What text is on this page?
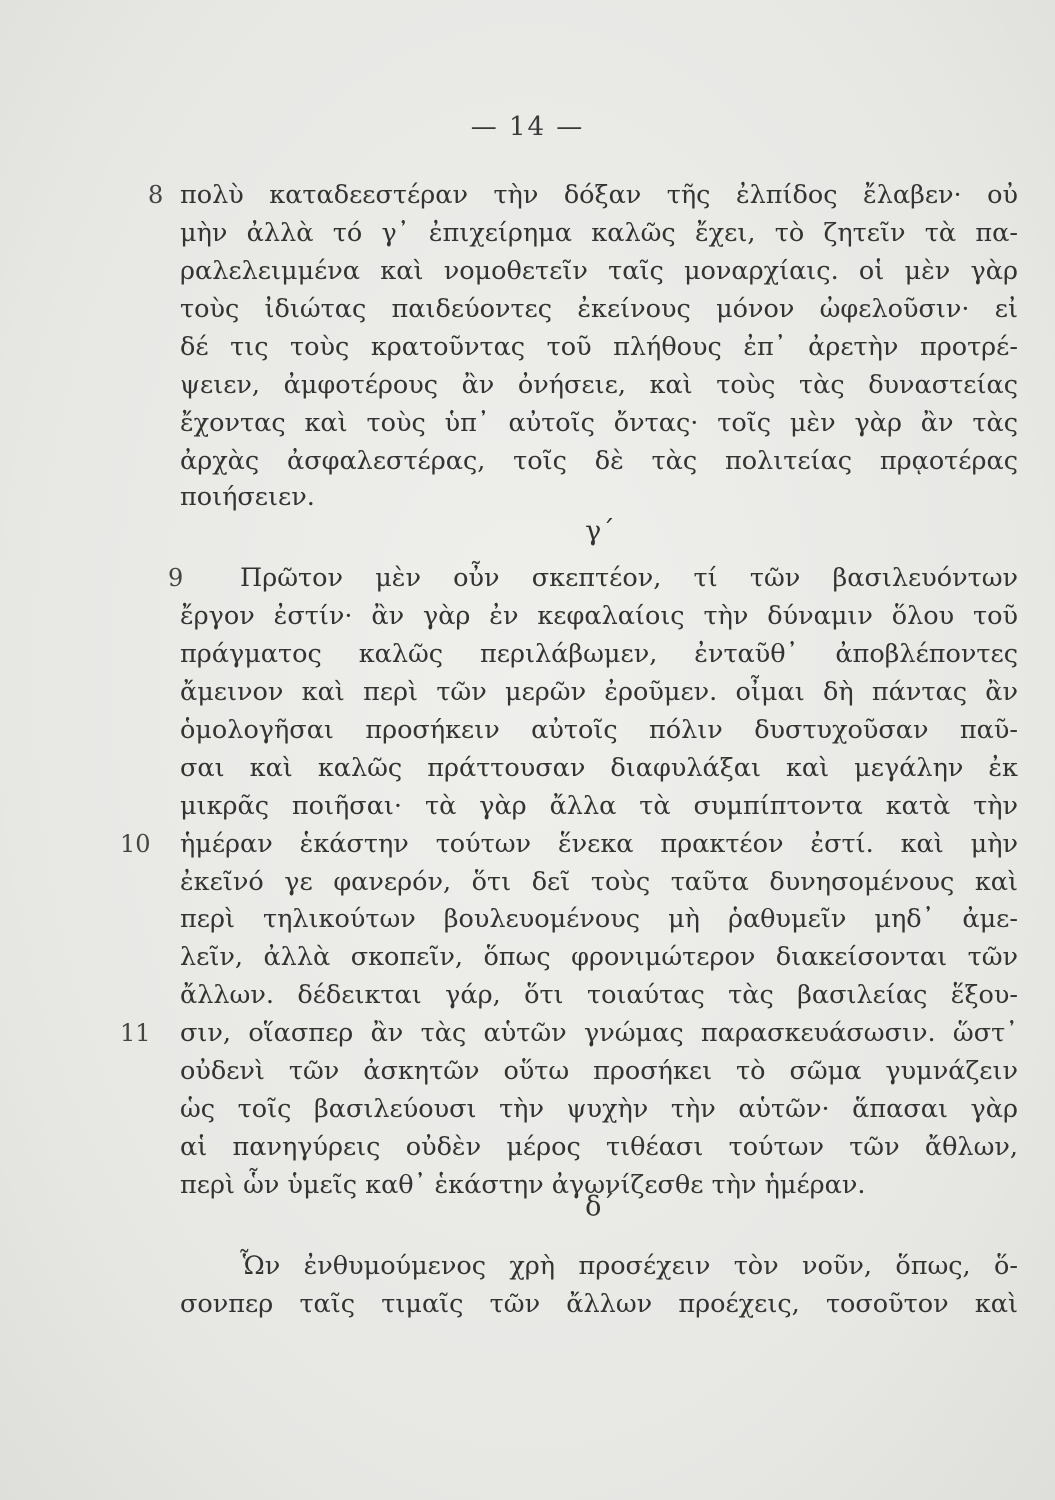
— 14 —
8
9
10
11
γ΄
δ΄
πολὺ καταδεεστέραν τὴν δόξαν τῆς ἐλπίδος ἔλαβεν· οὐ
μὴν ἀλλὰ τό γ᾽ ἐπιχείρημα καλῶς ἔχει, τὸ ζητεῖν τὰ πα-
ραλελειμμένα καὶ νομοθετεῖν ταῖς μοναρχίαις. οἱ μὲν γὰρ
τοὺς ἰδιώτας παιδεύοντες ἐκείνους μόνον ὠφελοῦσιν· εἰ
δέ τις τοὺς κρατοῦντας τοῦ πλήθους ἐπ᾽ ἀρετὴν προτρέ-
ψειεν, ἀμφοτέρους ἂν ὀνήσειε, καὶ τοὺς τὰς δυναστείας
ἔχοντας καὶ τοὺς ὑπ᾽ αὐτοῖς ὄντας· τοῖς μὲν γὰρ ἂν τὰς
ἀρχὰς ἀσφαλεστέρας, τοῖς δὲ τὰς πολιτείας πρᾳοτέρας
ποιήσειεν.
Πρῶτον μὲν οὖν σκεπτέον, τί τῶν βασιλευόντων
ἔργον ἐστίν· ἂν γὰρ ἐν κεφαλαίοις τὴν δύναμιν ὅλου τοῦ
πράγματος καλῶς περιλάβωμεν, ἐνταῦθ᾽ ἀποβλέποντες
ἄμεινον καὶ περὶ τῶν μερῶν ἐροῦμεν. οἶμαι δὴ πάντας ἂν
ὁμολογῆσαι προσήκειν αὐτοῖς πόλιν δυστυχοῦσαν παῦ-
σαι καὶ καλῶς πράττουσαν διαφυλάξαι καὶ μεγάλην ἐκ
μικρᾶς ποιῆσαι· τὰ γὰρ ἄλλα τὰ συμπίπτοντα κατὰ τὴν
ἡμέραν ἑκάστην τούτων ἕνεκα πρακτέον ἐστί. καὶ μὴν
ἐκεῖνό γε φανερόν, ὅτι δεῖ τοὺς ταῦτα δυνησομένους καὶ
περὶ τηλικούτων βουλευομένους μὴ ῥαθυμεῖν μηδ᾽ ἀμε-
λεῖν, ἀλλὰ σκοπεῖν, ὅπως φρονιμώτερον διακείσονται τῶν
ἄλλων. δέδεικται γάρ, ὅτι τοιαύτας τὰς βασιλείας ἕξου-
σιν, οἵασπερ ἂν τὰς αὑτῶν γνώμας παρασκευάσωσιν. ὥστ᾽
οὐδενὶ τῶν ἀσκητῶν οὕτω προσήκει τὸ σῶμα γυμνάζειν
ὡς τοῖς βασιλεύουσι τὴν ψυχὴν τὴν αὑτῶν· ἅπασαι γὰρ
αἱ πανηγύρεις οὐδὲν μέρος τιθέασι τούτων τῶν ἄθλων,
περὶ ὧν ὑμεῖς καθ᾽ ἑκάστην ἀγωνίζεσθε τὴν ἡμέραν.
Ὧν ἐνθυμούμενος χρὴ προσέχειν τὸν νοῦν, ὅπως, ὅ-
σονπερ ταῖς τιμαῖς τῶν ἄλλων προέχεις, τοσοῦτον καὶ
